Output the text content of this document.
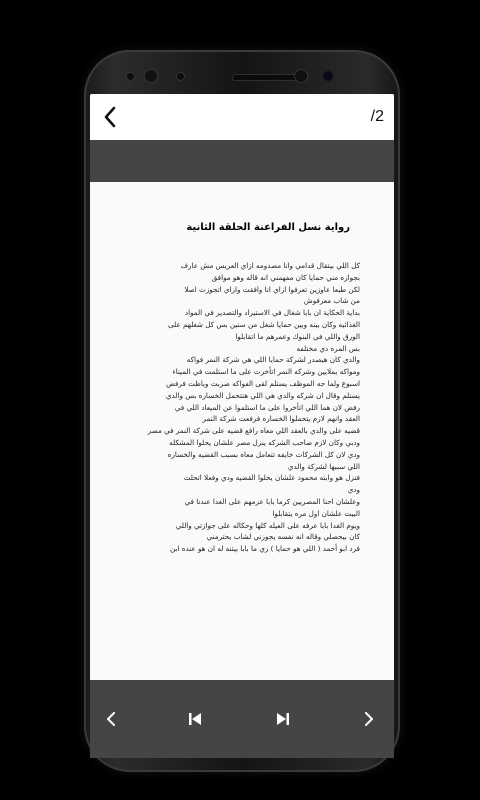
/2
رواية نسل الفراعنة الحلقة الثانية
كل اللي بيتقال قدامي وانا مصدومه ازاي العريس مش عارف
بجوازه مني حمايا كان مفهمني انه قاله وهو موافق
لكن طبعا عاوزين تعرفوا ازاي انا وافقت وازاي اتجوزت اصلا
من شاب معرفوش
بداية الحكاية ان بابا شغال في الاستيراد والتصدير في المواد
الغذائيه وكان بينه وبين حمايا شغل من سنين بس كل شغلهم على
الورق واللي في البنوك وعمرهم ما اتقابلوا
بس المره دي مختلفه
والدي كان هيصدر لشركة حمايا اللي هي شركة النمر فواكه
ومواكه بملايين وشركه النمر اتأخرت على ما استلمت في الميناء
اسبوع ولما جه الموظف يستلم لقى الفواكه ضربت وباظت فرفض
يستلم وقال ان شركه والدي هي اللي هتتحمل الخساره بس والدي
رفض لان هما اللي اتأخروا على ما استلموا عن الميعاد اللي في
العقد وانهم لازم يتحملوا الخساره فرفعت شركة النمر
قضيه على والدي بالعقد اللي معاه رافع قضيه على شركة النمر في مصر
ودبي وكان لازم صاحب الشركه ينزل مصر علشان يحلوا المشكله
ودي لان كل الشركات خايفه تتعامل معاه بسبب القضيه والخساره
اللي سببها لشركة والدي
فنزل هو وابنه محمود علشان يحلوا القضيه ودي وفعلا اتحلت
ودي
وعلشان احنا المصريين كرما بابا عزمهم على الغدا عندنا في
البيت علشان اول مره يتقابلوا
ويوم الغدا بابا عرفه على العيله كلها وحكاله على جوازتي واللي
كان بيحصلي وقاله انه نفسه يجوزني لشاب يحترمني
فرد ابو أحمد ( اللي هو حمايا ) زي ما بابا بيتنه له ان هو عنده ابن
